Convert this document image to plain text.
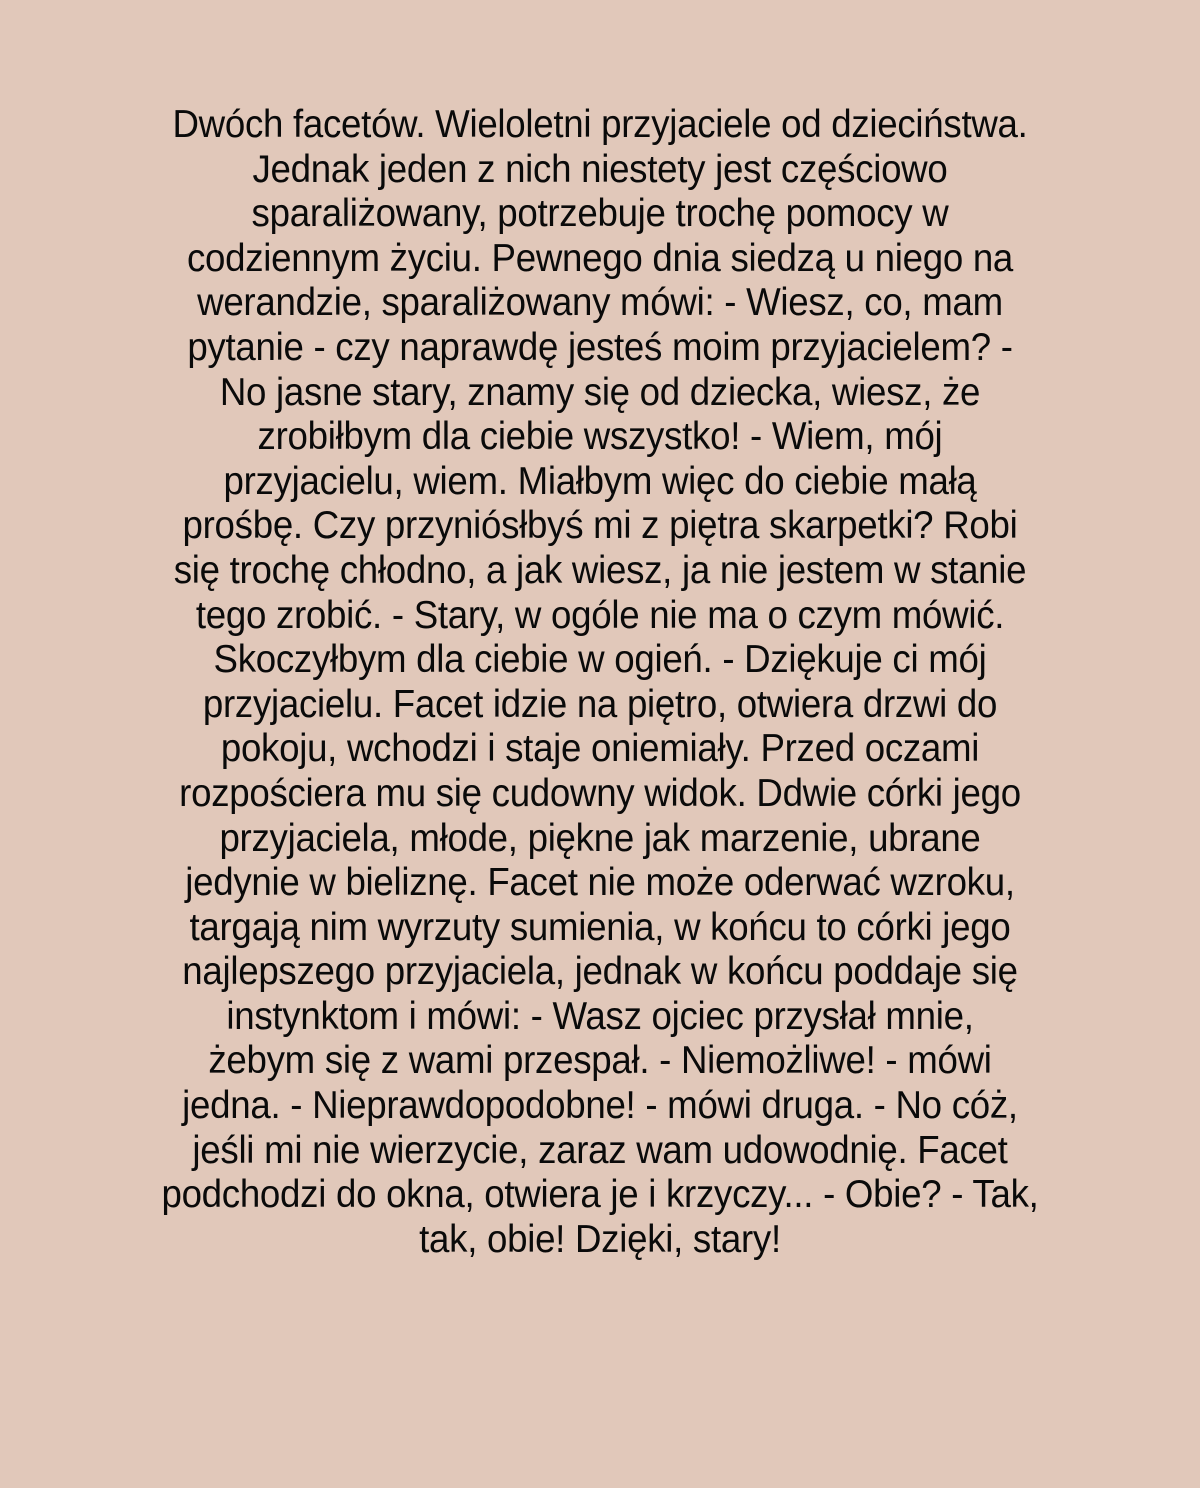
Dwóch facetów. Wieloletni przyjaciele od dzieciństwa.
Jednak jeden z nich niestety jest częściowo
sparaliżowany, potrzebuje trochę pomocy w
codziennym życiu. Pewnego dnia siedzą u niego na
werandzie, sparaliżowany mówi: - Wiesz, co, mam
pytanie - czy naprawdę jesteś moim przyjacielem? -
No jasne stary, znamy się od dziecka, wiesz, że
zrobiłbym dla ciebie wszystko! - Wiem, mój
przyjacielu, wiem. Miałbym więc do ciebie małą
prośbę. Czy przyniósłbyś mi z piętra skarpetki? Robi
się trochę chłodno, a jak wiesz, ja nie jestem w stanie
tego zrobić. - Stary, w ogóle nie ma o czym mówić.
Skoczyłbym dla ciebie w ogień. - Dziękuje ci mój
przyjacielu. Facet idzie na piętro, otwiera drzwi do
pokoju, wchodzi i staje oniemiały. Przed oczami
rozpościera mu się cudowny widok. Ddwie córki jego
przyjaciela, młode, piękne jak marzenie, ubrane
jedynie w bieliznę. Facet nie może oderwać wzroku,
targają nim wyrzuty sumienia, w końcu to córki jego
najlepszego przyjaciela, jednak w końcu poddaje się
instynktom i mówi: - Wasz ojciec przysłał mnie,
żebym się z wami przespał. - Niemożliwe! - mówi
jedna. - Nieprawdopodobne! - mówi druga. - No cóż,
jeśli mi nie wierzycie, zaraz wam udowodnię. Facet
podchodzi do okna, otwiera je i krzyczy... - Obie? - Tak,
tak, obie! Dzięki, stary!
